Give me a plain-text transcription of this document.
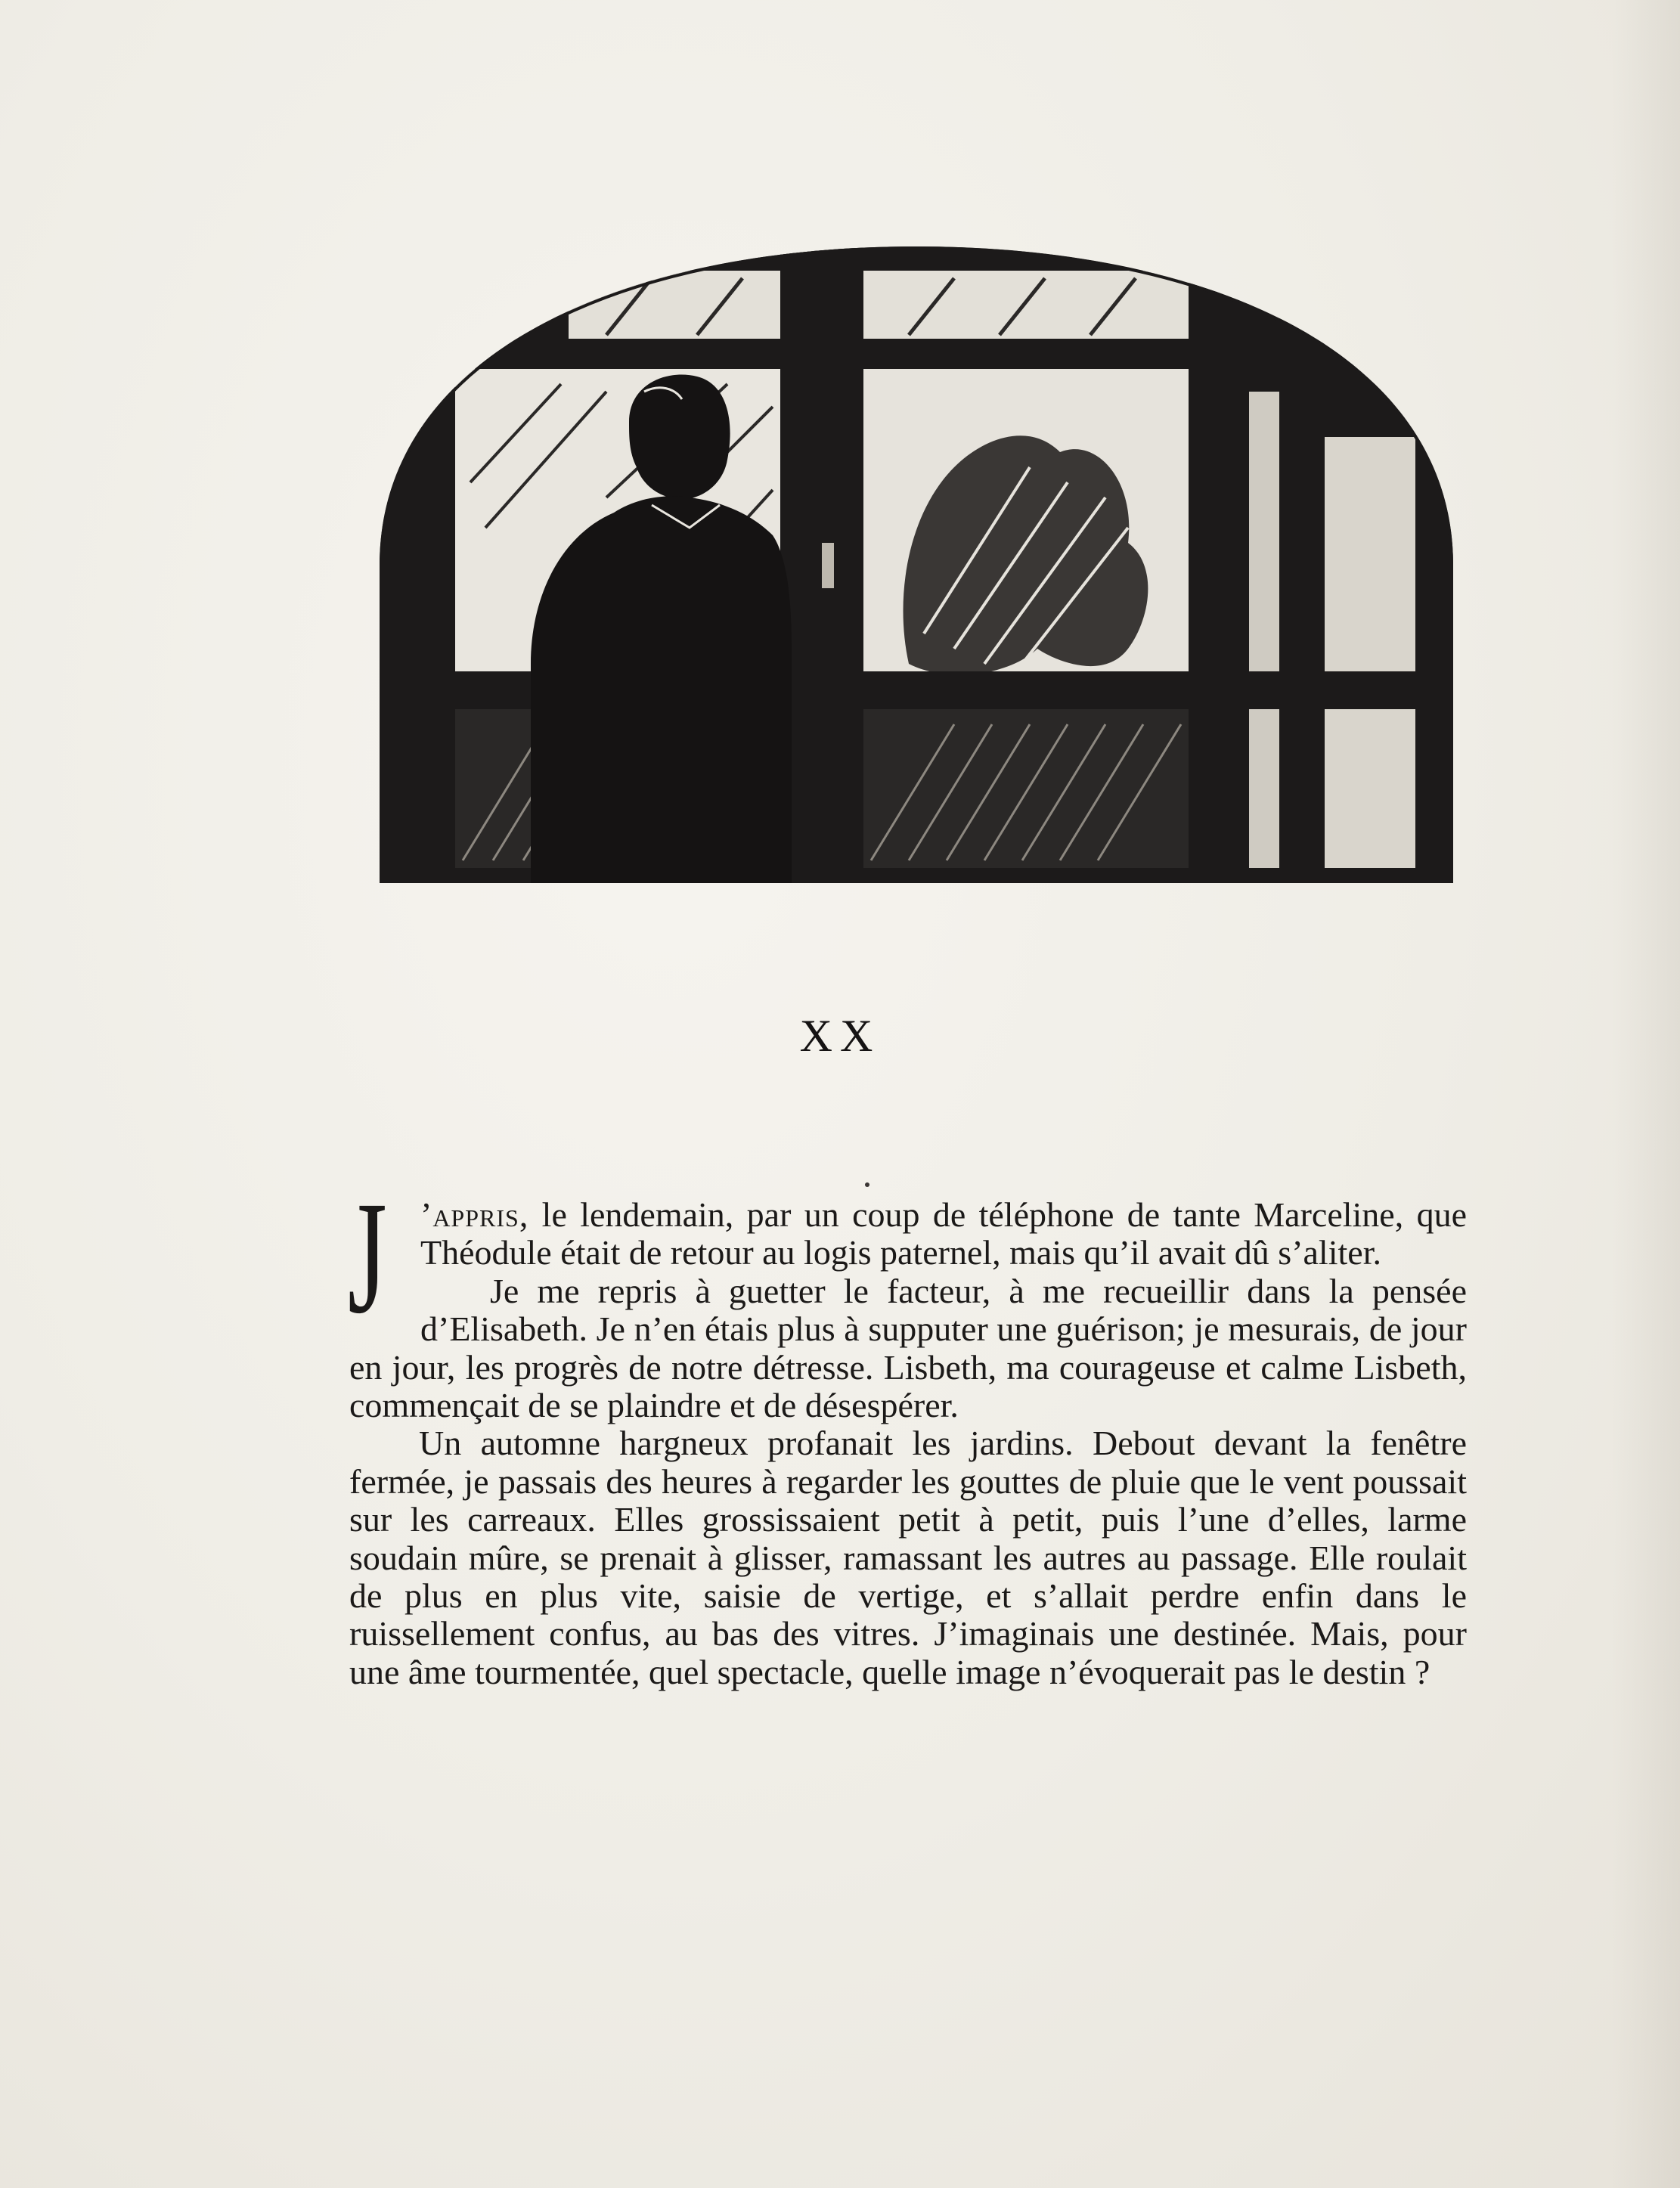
XX

J ’appris, le lendemain, par un coup de téléphone de tante Marceline, que Théodule était de retour au logis paternel, mais qu’il avait dû s’aliter.

Je me repris à guetter le facteur, à me recueillir dans la pensée d’Elisabeth. Je n’en étais plus à supputer une guérison; je mesurais, de jour en jour, les progrès de notre détresse. Lisbeth, ma courageuse et calme Lisbeth, commençait de se plaindre et de désespérer.

Un automne hargneux profanait les jardins. Debout devant la fenêtre fermée, je passais des heures à regarder les gouttes de pluie que le vent poussait sur les carreaux. Elles grossissaient petit à petit, puis l’une d’elles, larme soudain mûre, se prenait à glisser, ramassant les autres au passage. Elle roulait de plus en plus vite, saisie de vertige, et s’allait perdre enfin dans le ruissellement confus, au bas des vitres. J’imaginais une destinée. Mais, pour une âme tourmentée, quel spectacle, quelle image n’évoquerait pas le destin ?
